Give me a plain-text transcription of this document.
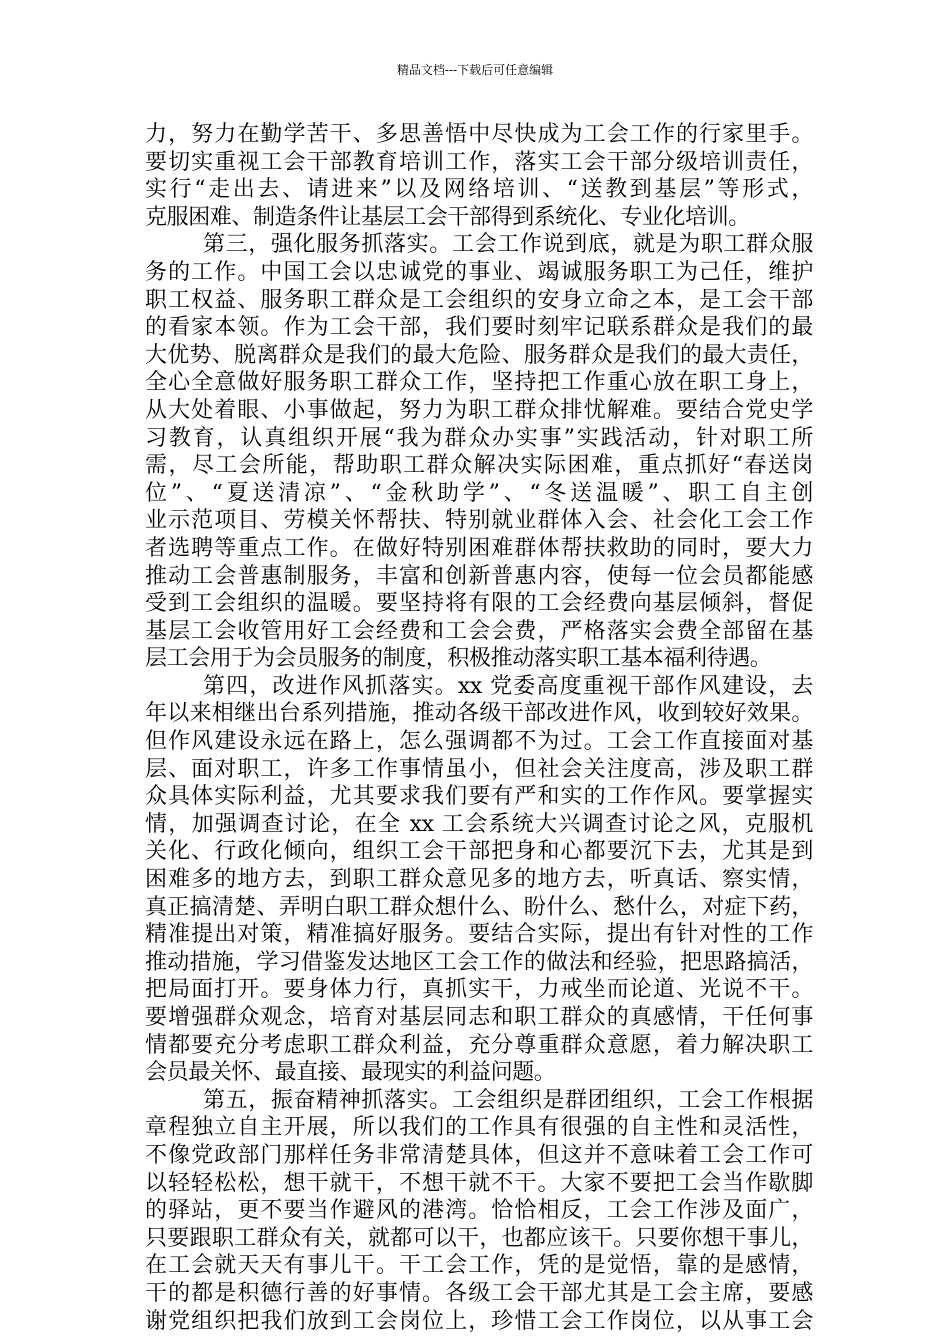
精品文档---下载后可任意编辑
力，努力在勤学苦干、多思善悟中尽快成为工会工作的行家里手。
要切实重视工会干部教育培训工作，落实工会干部分级培训责任，
实行“走出去、请进来”以及网络培训、“送教到基层”等形式，
克服困难、制造条件让基层工会干部得到系统化、专业化培训。
第三，强化服务抓落实。工会工作说到底，就是为职工群众服
务的工作。中国工会以忠诚党的事业、竭诚服务职工为己任，维护
职工权益、服务职工群众是工会组织的安身立命之本，是工会干部
的看家本领。作为工会干部，我们要时刻牢记联系群众是我们的最
大优势、脱离群众是我们的最大危险、服务群众是我们的最大责任，
全心全意做好服务职工群众工作，坚持把工作重心放在职工身上，
从大处着眼、小事做起，努力为职工群众排忧解难。要结合党史学
习教育，认真组织开展“我为群众办实事”实践活动，针对职工所
需，尽工会所能，帮助职工群众解决实际困难，重点抓好“春送岗
位”、“夏送清凉”、“金秋助学”、“冬送温暖”、职工自主创
业示范项目、劳模关怀帮扶、特别就业群体入会、社会化工会工作
者选聘等重点工作。在做好特别困难群体帮扶救助的同时，要大力
推动工会普惠制服务，丰富和创新普惠内容，使每一位会员都能感
受到工会组织的温暖。要坚持将有限的工会经费向基层倾斜，督促
基层工会收管用好工会经费和工会会费，严格落实会费全部留在基
层工会用于为会员服务的制度，积极推动落实职工基本福利待遇。
第四，改进作风抓落实。xx 党委高度重视干部作风建设，去
年以来相继出台系列措施，推动各级干部改进作风，收到较好效果。
但作风建设永远在路上，怎么强调都不为过。工会工作直接面对基
层、面对职工，许多工作事情虽小，但社会关注度高，涉及职工群
众具体实际利益，尤其要求我们要有严和实的工作作风。要掌握实
情，加强调查讨论，在全 xx 工会系统大兴调查讨论之风，克服机
关化、行政化倾向，组织工会干部把身和心都要沉下去，尤其是到
困难多的地方去，到职工群众意见多的地方去，听真话、察实情，
真正搞清楚、弄明白职工群众想什么、盼什么、愁什么，对症下药，
精准提出对策，精准搞好服务。要结合实际，提出有针对性的工作
推动措施，学习借鉴发达地区工会工作的做法和经验，把思路搞活，
把局面打开。要身体力行，真抓实干，力戒坐而论道、光说不干。
要增强群众观念，培育对基层同志和职工群众的真感情，干任何事
情都要充分考虑职工群众利益，充分尊重群众意愿，着力解决职工
会员最关怀、最直接、最现实的利益问题。
第五，振奋精神抓落实。工会组织是群团组织，工会工作根据
章程独立自主开展，所以我们的工作具有很强的自主性和灵活性，
不像党政部门那样任务非常清楚具体，但这并不意味着工会工作可
以轻轻松松，想干就干，不想干就不干。大家不要把工会当作歇脚
的驿站，更不要当作避风的港湾。恰恰相反，工会工作涉及面广，
只要跟职工群众有关，就都可以干，也都应该干。只要你想干事儿，
在工会就天天有事儿干。干工会工作，凭的是觉悟，靠的是感情，
干的都是积德行善的好事情。各级工会干部尤其是工会主席，要感
谢党组织把我们放到工会岗位上，珍惜工会工作岗位，以从事工会
